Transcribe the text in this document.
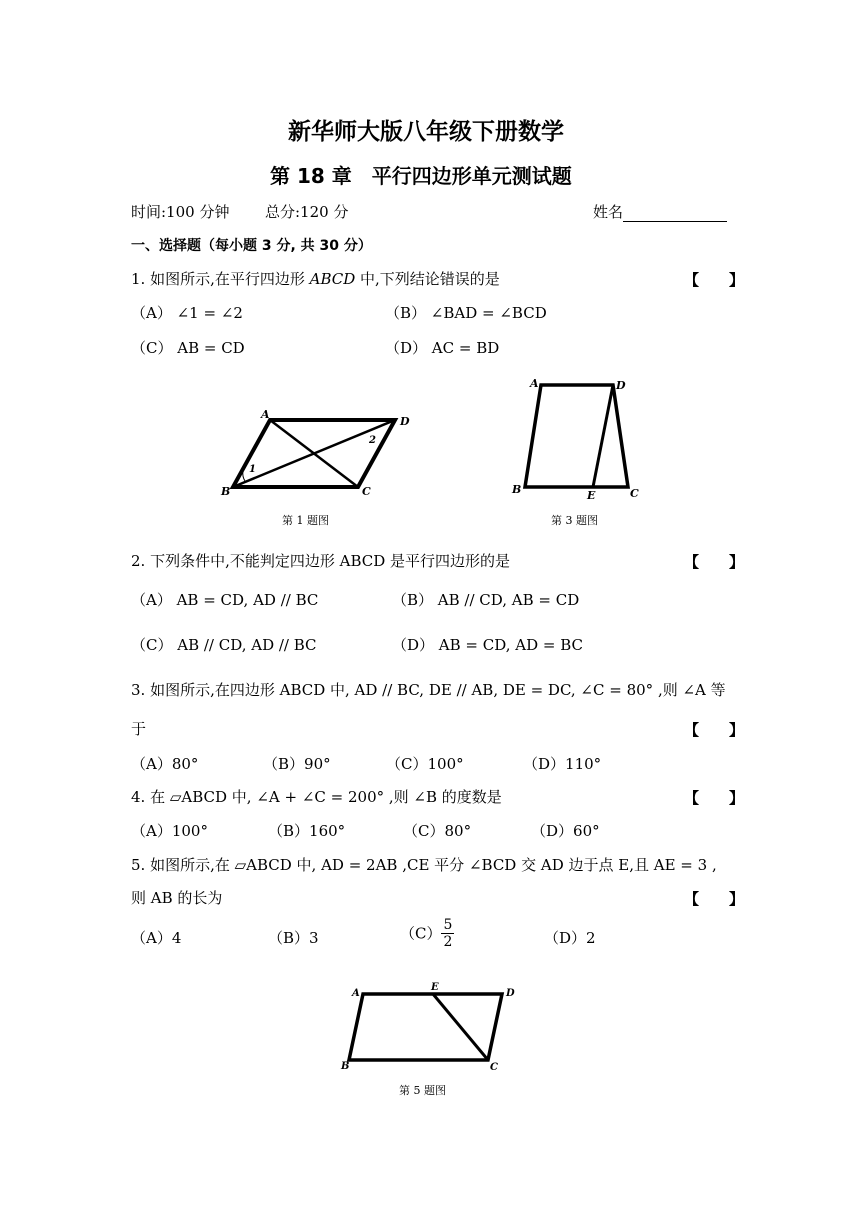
新华师大版八年级下册数学
第 18 章　平行四边形单元测试题
时间:100 分钟 总分:120 分	姓名
一、选择题（每小题 3 分, 共 30 分）
1. 如图所示,在平行四边形 ABCD 中,下列结论错误的是	【　　】
（A） ∠1 = ∠2	（B） ∠BAD = ∠BCD
（C） AB = CD	（D） AC = BD
B
A
D
C
1
2
第 1 题图
A	D
B	E	C
第 3 题图
2. 下列条件中,不能判定四边形 ABCD 是平行四边形的是	【　　】
（A） AB = CD, AD // BC	（B） AB // CD, AB = CD
（C） AB // CD, AD // BC	（D） AB = CD, AD = BC
3. 如图所示,在四边形 ABCD 中, AD // BC, DE // AB, DE = DC, ∠C = 80° ,则 ∠A 等
于	【　　】
（A）80°	（B）90°	（C）100°	（D）110°
4. 在 ▱ABCD 中, ∠A + ∠C = 200° ,则 ∠B 的度数是	【　　】
（A）100°	（B）160°	（C）80°	（D）60°
5. 如图所示,在 ▱ABCD 中, AD = 2AB ,CE 平分 ∠BCD 交 AD 边于点 E,且 AE = 3 ,
则 AB 的长为	【　　】
（A）4	（B）3	$(C) \frac{5}{2}$	（D）2
A
E
D
B	C
第 5 题图
